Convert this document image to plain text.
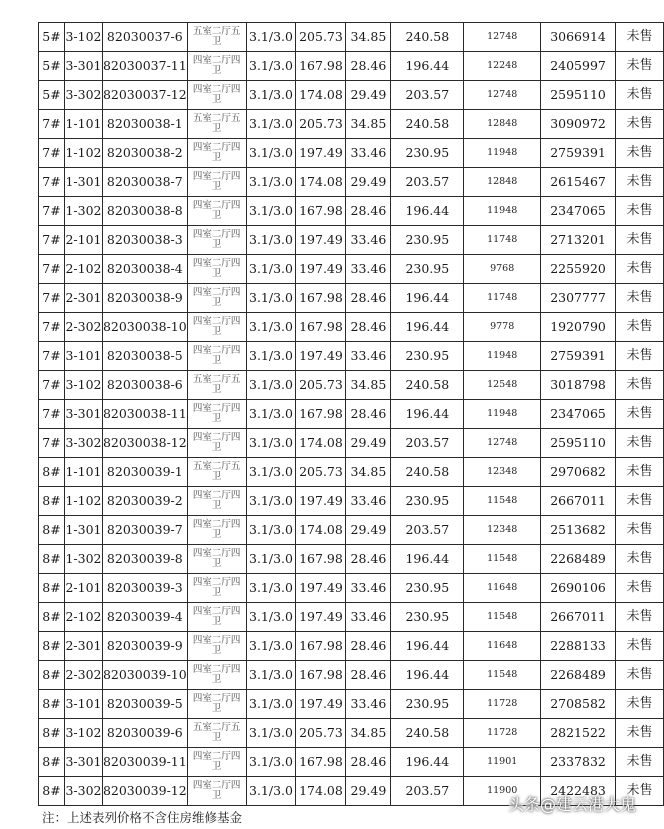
5#	3-102	82030037-6	五室二厅五卫	3.1/3.0	205.73	34.85	240.58	12748	3066914	未售
5#	3-301	82030037-11	四室二厅四卫	3.1/3.0	167.98	28.46	196.44	12248	2405997	未售
5#	3-302	82030037-12	四室二厅四卫	3.1/3.0	174.08	29.49	203.57	12748	2595110	未售
7#	1-101	82030038-1	五室二厅五卫	3.1/3.0	205.73	34.85	240.58	12848	3090972	未售
7#	1-102	82030038-2	四室二厅四卫	3.1/3.0	197.49	33.46	230.95	11948	2759391	未售
7#	1-301	82030038-7	四室二厅四卫	3.1/3.0	174.08	29.49	203.57	12848	2615467	未售
7#	1-302	82030038-8	四室二厅四卫	3.1/3.0	167.98	28.46	196.44	11948	2347065	未售
7#	2-101	82030038-3	四室二厅四卫	3.1/3.0	197.49	33.46	230.95	11748	2713201	未售
7#	2-102	82030038-4	四室二厅四卫	3.1/3.0	197.49	33.46	230.95	9768	2255920	未售
7#	2-301	82030038-9	四室二厅四卫	3.1/3.0	167.98	28.46	196.44	11748	2307777	未售
7#	2-302	82030038-10	四室二厅四卫	3.1/3.0	167.98	28.46	196.44	9778	1920790	未售
7#	3-101	82030038-5	四室二厅四卫	3.1/3.0	197.49	33.46	230.95	11948	2759391	未售
7#	3-102	82030038-6	五室二厅五卫	3.1/3.0	205.73	34.85	240.58	12548	3018798	未售
7#	3-301	82030038-11	四室二厅四卫	3.1/3.0	167.98	28.46	196.44	11948	2347065	未售
7#	3-302	82030038-12	四室二厅四卫	3.1/3.0	174.08	29.49	203.57	12748	2595110	未售
8#	1-101	82030039-1	五室二厅五卫	3.1/3.0	205.73	34.85	240.58	12348	2970682	未售
8#	1-102	82030039-2	四室二厅四卫	3.1/3.0	197.49	33.46	230.95	11548	2667011	未售
8#	1-301	82030039-7	四室二厅四卫	3.1/3.0	174.08	29.49	203.57	12348	2513682	未售
8#	1-302	82030039-8	四室二厅四卫	3.1/3.0	167.98	28.46	196.44	11548	2268489	未售
8#	2-101	82030039-3	四室二厅四卫	3.1/3.0	197.49	33.46	230.95	11648	2690106	未售
8#	2-102	82030039-4	四室二厅四卫	3.1/3.0	197.49	33.46	230.95	11548	2667011	未售
8#	2-301	82030039-9	四室二厅四卫	3.1/3.0	167.98	28.46	196.44	11648	2288133	未售
8#	2-302	82030039-10	四室二厅四卫	3.1/3.0	167.98	28.46	196.44	11548	2268489	未售
8#	3-101	82030039-5	四室二厅四卫	3.1/3.0	197.49	33.46	230.95	11728	2708582	未售
8#	3-102	82030039-6	五室二厅五卫	3.1/3.0	205.73	34.85	240.58	11728	2821522	未售
8#	3-301	82030039-11	四室二厅四卫	3.1/3.0	167.98	28.46	196.44	11901	2337832	未售
8#	3-302	82030039-12	四室二厅四卫	3.1/3.0	174.08	29.49	203.57	11900	2422483	未售
注：上述表列价格不含住房维修基金
头条@建云港大鬼
